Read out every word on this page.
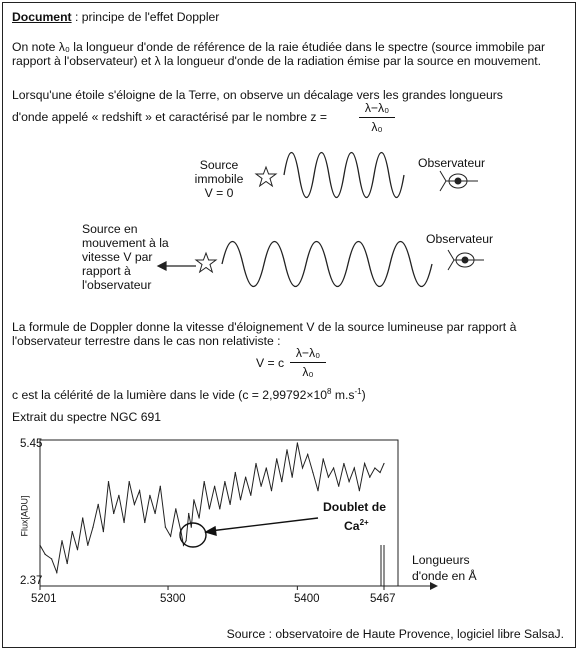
Document : principe de l'effet Doppler
On note λ₀ la longueur d'onde de référence de la raie étudiée dans le spectre (source immobile par rapport à l'observateur) et λ la longueur d'onde de la radiation émise par la source en mouvement.
Lorsqu'une étoile s'éloigne de la Terre, on observe un décalage vers les grandes longueurs
d'onde appelé « redshift » et caractérisé par le nombre z =
λ−λ₀
λ₀
Source
immobile
V = 0
Observateur
Source en
mouvement à la
vitesse V par
rapport à
l'observateur
Observateur
La formule de Doppler donne la vitesse d'éloignement V de la source lumineuse par rapport à l'observateur terrestre dans le cas non relativiste :
V = c
λ−λ₀
λ₀
c est la célérité de la lumière dans le vide ($c = 2,99792\times 10^8$ $m.s^{-1}$)
Extrait du spectre NGC 691
5.45
2.37
Flux[ADU]
5201	5300	5400	5467
Doublet de
$Ca^{2+}$
Longueurs
d'onde en Å
Source : observatoire de Haute Provence, logiciel libre SalsaJ.
